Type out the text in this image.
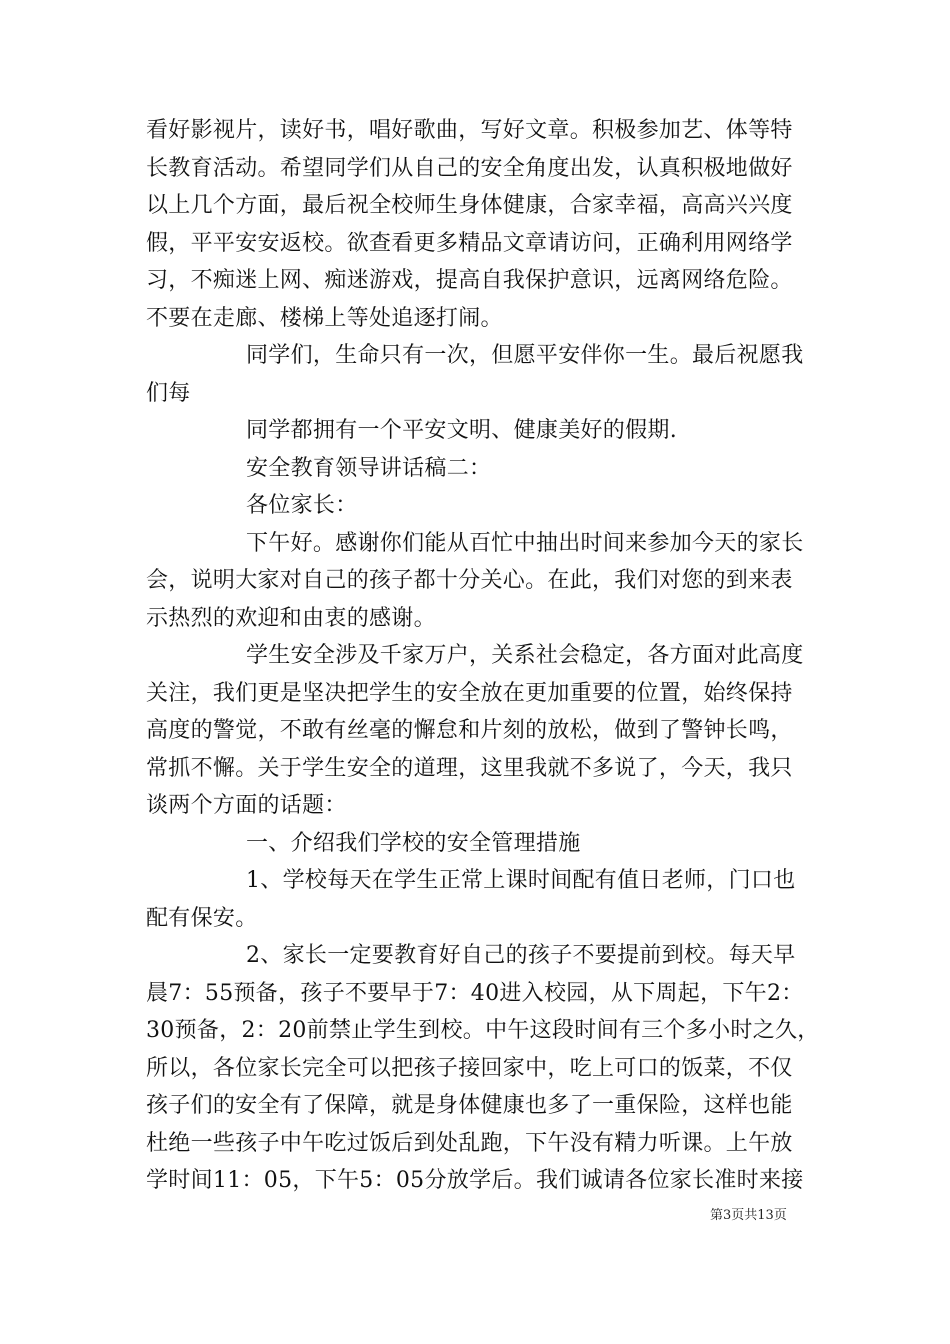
看好影视片，读好书，唱好歌曲，写好文章。积极参加艺、体等特
长教育活动。希望同学们从自己的安全角度出发，认真积极地做好
以上几个方面，最后祝全校师生身体健康，合家幸福，高高兴兴度
假，平平安安返校。欲查看更多精品文章请访问，正确利用网络学
习，不痴迷上网、痴迷游戏，提高自我保护意识，远离网络危险。
不要在走廊、楼梯上等处追逐打闹。
同学们，生命只有一次，但愿平安伴你一生。最后祝愿我
们每
同学都拥有一个平安文明、健康美好的假期.
安全教育领导讲话稿二：
各位家长：
下午好。感谢你们能从百忙中抽出时间来参加今天的家长
会，说明大家对自己的孩子都十分关心。在此，我们对您的到来表
示热烈的欢迎和由衷的感谢。
学生安全涉及千家万户，关系社会稳定，各方面对此高度
关注，我们更是坚决把学生的安全放在更加重要的位置，始终保持
高度的警觉，不敢有丝毫的懈怠和片刻的放松，做到了警钟长鸣，
常抓不懈。关于学生安全的道理，这里我就不多说了，今天，我只
谈两个方面的话题：
一、介绍我们学校的安全管理措施
1、学校每天在学生正常上课时间配有值日老师，门口也
配有保安。
2、家长一定要教育好自己的孩子不要提前到校。每天早
晨7：55预备，孩子不要早于7：40进入校园，从下周起，下午2：
30预备，2：20前禁止学生到校。中午这段时间有三个多小时之久，
所以，各位家长完全可以把孩子接回家中，吃上可口的饭菜，不仅
孩子们的安全有了保障，就是身体健康也多了一重保险，这样也能
杜绝一些孩子中午吃过饭后到处乱跑，下午没有精力听课。上午放
学时间11：05，下午5：05分放学后。我们诚请各位家长准时来接
第3页共13页
